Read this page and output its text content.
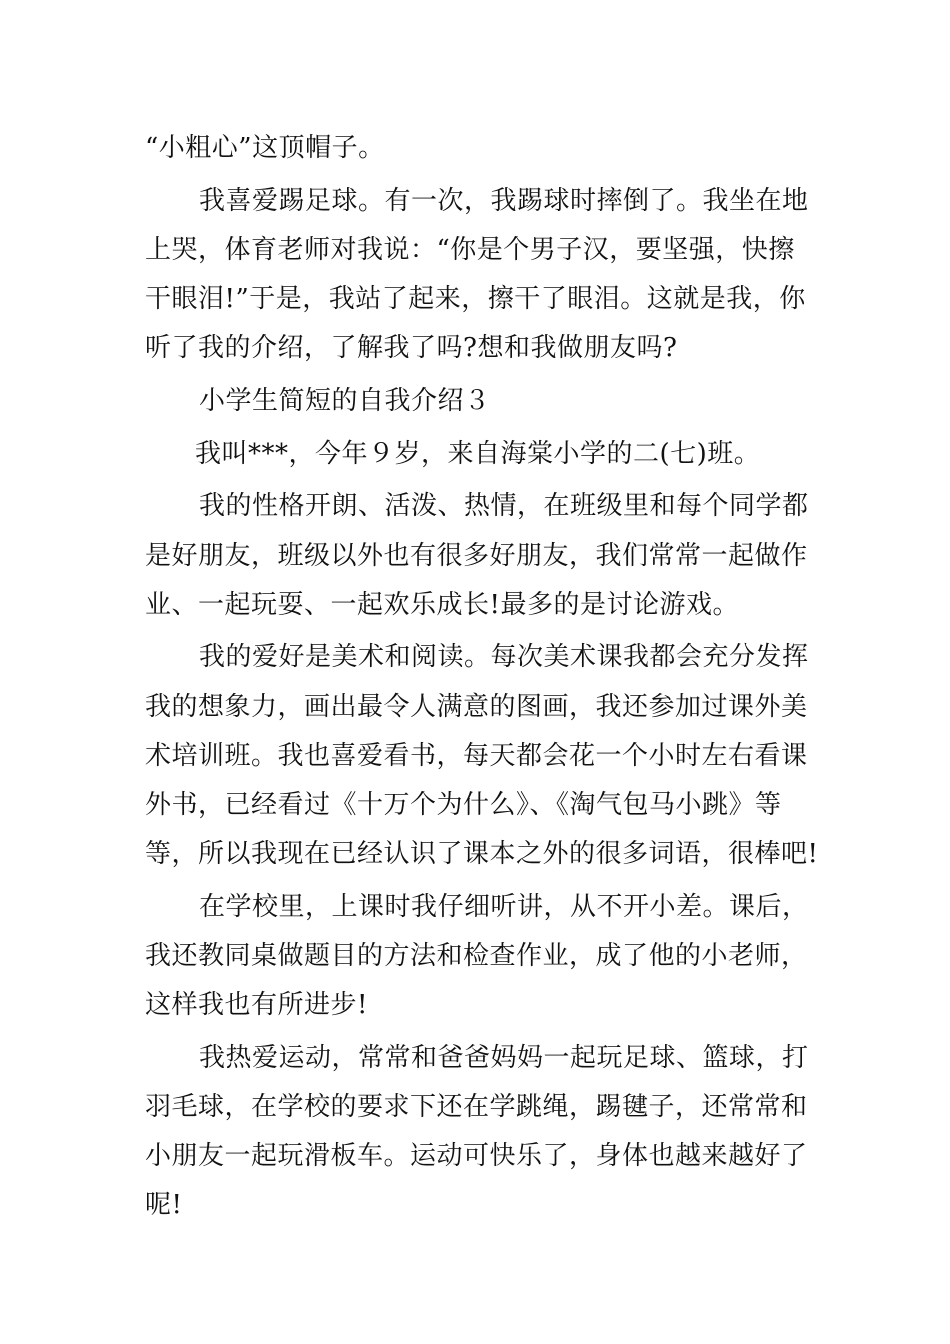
“小粗心”这顶帽子。
我喜爱踢足球。有一次，我踢球时摔倒了。我坐在地
上哭，体育老师对我说：“你是个男子汉，要坚强，快擦
干眼泪!”于是，我站了起来，擦干了眼泪。这就是我，你
听了我的介绍，了解我了吗?想和我做朋友吗?
小学生简短的自我介绍３
我叫***，今年９岁，来自海棠小学的二(七)班。
我的性格开朗、活泼、热情，在班级里和每个同学都
是好朋友，班级以外也有很多好朋友，我们常常一起做作
业、一起玩耍、一起欢乐成长!最多的是讨论游戏。
我的爱好是美术和阅读。每次美术课我都会充分发挥
我的想象力，画出最令人满意的图画，我还参加过课外美
术培训班。我也喜爱看书，每天都会花一个小时左右看课
外书，已经看过《十万个为什么》、《淘气包马小跳》等
等，所以我现在已经认识了课本之外的很多词语，很棒吧!
在学校里，上课时我仔细听讲，从不开小差。课后，
我还教同桌做题目的方法和检查作业，成了他的小老师，
这样我也有所进步!
我热爱运动，常常和爸爸妈妈一起玩足球、篮球，打
羽毛球，在学校的要求下还在学跳绳，踢毽子，还常常和
小朋友一起玩滑板车。运动可快乐了，身体也越来越好了
呢!
